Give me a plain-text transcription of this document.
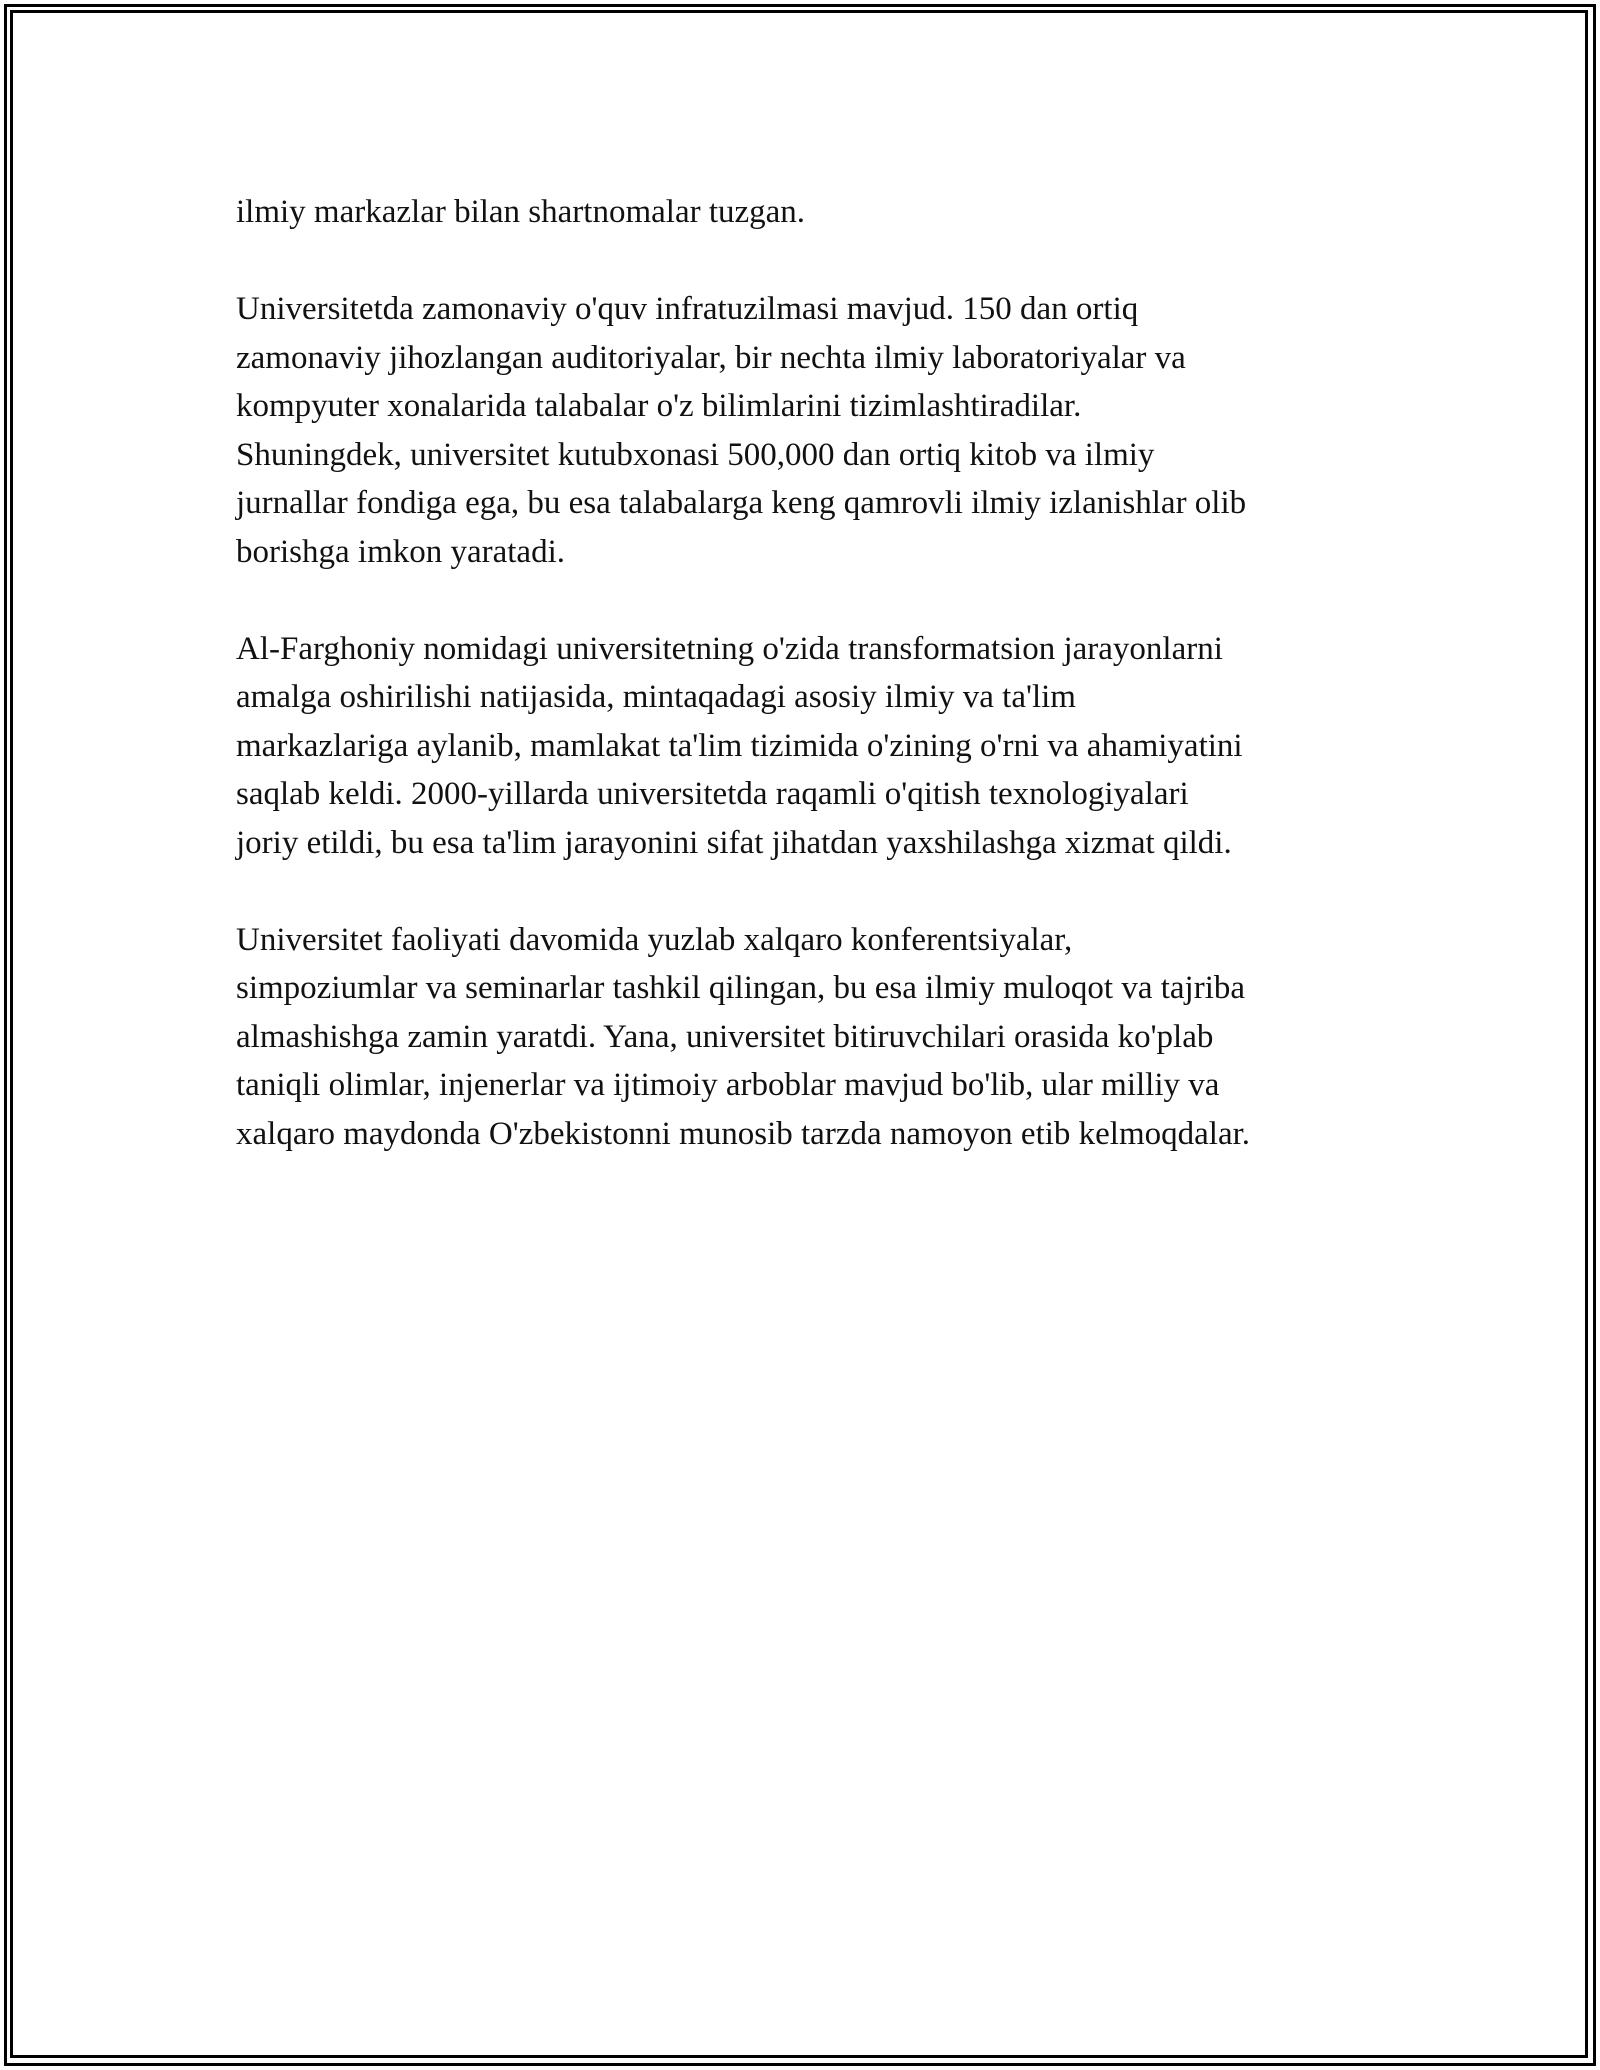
ilmiy markazlar bilan shartnomalar tuzgan.

Universitetda zamonaviy o'quv infratuzilmasi mavjud. 150 dan ortiq
zamonaviy jihozlangan auditoriyalar, bir nechta ilmiy laboratoriyalar va
kompyuter xonalarida talabalar o'z bilimlarini tizimlashtiradilar.
Shuningdek, universitet kutubxonasi 500,000 dan ortiq kitob va ilmiy
jurnallar fondiga ega, bu esa talabalarga keng qamrovli ilmiy izlanishlar olib
borishga imkon yaratadi.

Al-Farghoniy nomidagi universitetning o'zida transformatsion jarayonlarni
amalga oshirilishi natijasida, mintaqadagi asosiy ilmiy va ta'lim
markazlariga aylanib, mamlakat ta'lim tizimida o'zining o'rni va ahamiyatini
saqlab keldi. 2000-yillarda universitetda raqamli o'qitish texnologiyalari
joriy etildi, bu esa ta'lim jarayonini sifat jihatdan yaxshilashga xizmat qildi.

Universitet faoliyati davomida yuzlab xalqaro konferentsiyalar,
simpoziumlar va seminarlar tashkil qilingan, bu esa ilmiy muloqot va tajriba
almashishga zamin yaratdi. Yana, universitet bitiruvchilari orasida ko'plab
taniqli olimlar, injenerlar va ijtimoiy arboblar mavjud bo'lib, ular milliy va
xalqaro maydonda O'zbekistonni munosib tarzda namoyon etib kelmoqdalar.
